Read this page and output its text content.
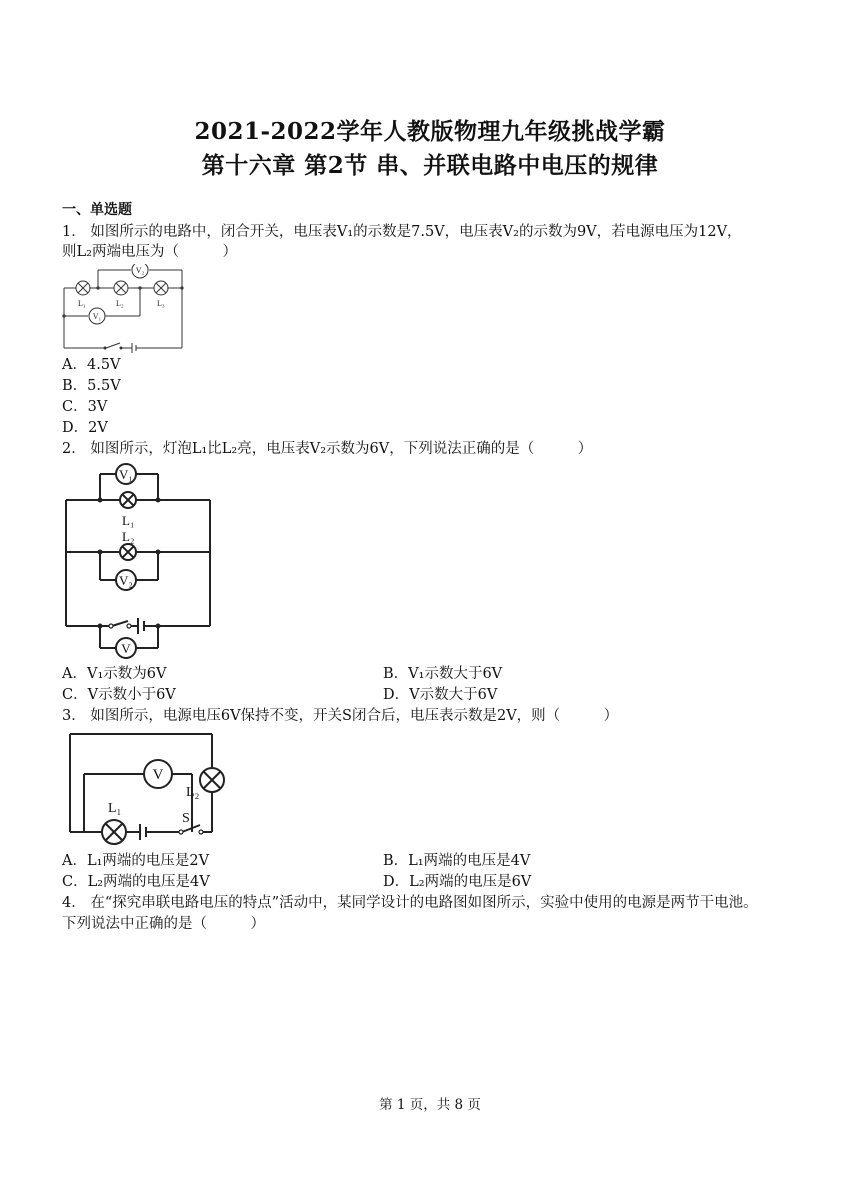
2021-2022学年人教版物理九年级挑战学霸
第十六章 第2节 串、并联电路中电压的规律
一、单选题
1． 如图所示的电路中，闭合开关，电压表V₁的示数是7.5V，电压表V₂的示数为9V，若电源电压为12V，
则L₂两端电压为（　　　）
V₂
V₁
L₁	L₂	L₃
A．4.5V
B．5.5V
C．3V
D．2V
2． 如图所示，灯泡L₁比L₂亮，电压表V₂示数为6V，下列说法正确的是（　　　）
V₁
V₂
V
L₁
L₂
A．V₁示数为6V	B．V₁示数大于6V
C．V示数小于6V	D．V示数大于6V
3． 如图所示，电源电压6V保持不变，开关S闭合后，电压表示数是2V，则（　　　）
V
L₁
L₂
S
A．L₁两端的电压是2V	B．L₁两端的电压是4V
C．L₂两端的电压是4V	D．L₂两端的电压是6V
4． 在“探究串联电路电压的特点”活动中，某同学设计的电路图如图所示，实验中使用的电源是两节干电池。
下列说法中正确的是（　　　）
第 1 页，共 8 页
